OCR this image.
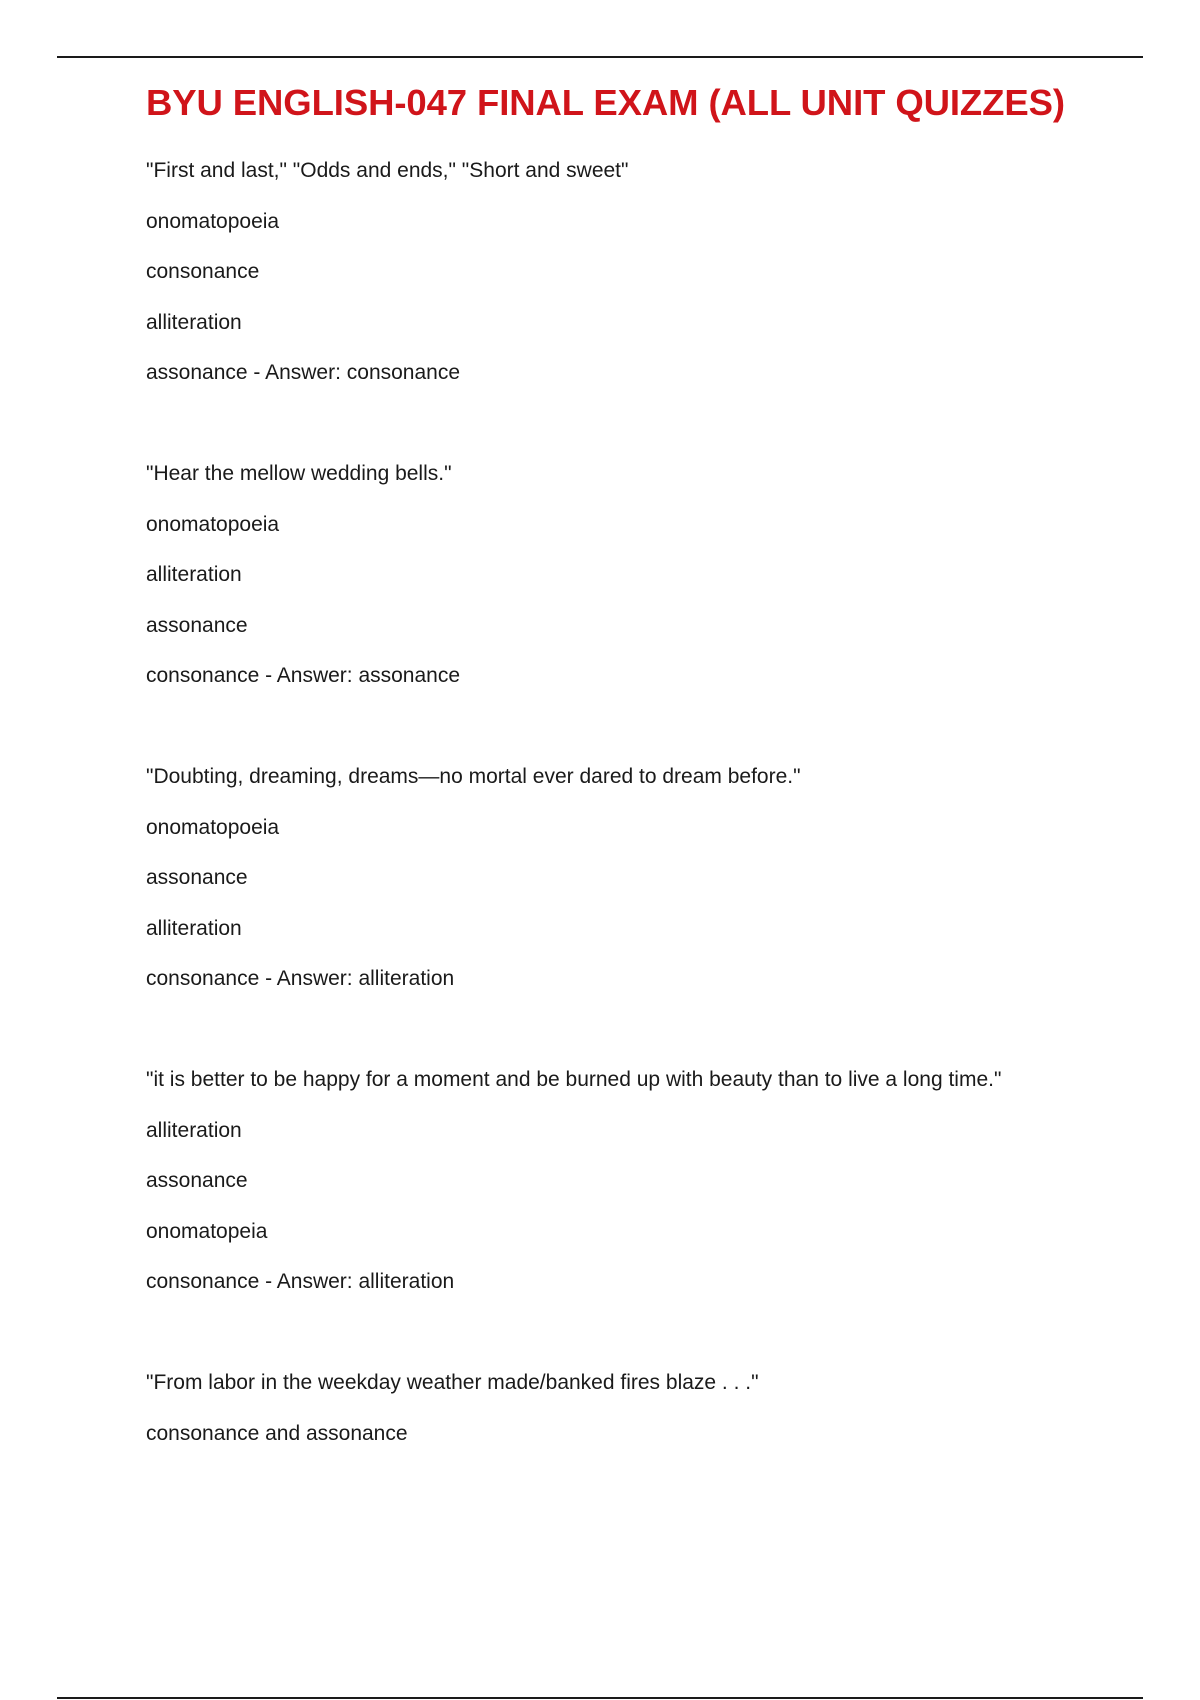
BYU ENGLISH-047 FINAL EXAM (ALL UNIT QUIZZES)
"First and last," "Odds and ends," "Short and sweet"
onomatopoeia
consonance
alliteration
assonance - Answer: consonance
"Hear the mellow wedding bells."
onomatopoeia
alliteration
assonance
consonance - Answer: assonance
"Doubting, dreaming, dreams—no mortal ever dared to dream before."
onomatopoeia
assonance
alliteration
consonance - Answer: alliteration
"it is better to be happy for a moment and be burned up with beauty than to live a long time."
alliteration
assonance
onomatopeia
consonance - Answer: alliteration
"From labor in the weekday weather made/banked fires blaze . . ."
consonance and assonance
